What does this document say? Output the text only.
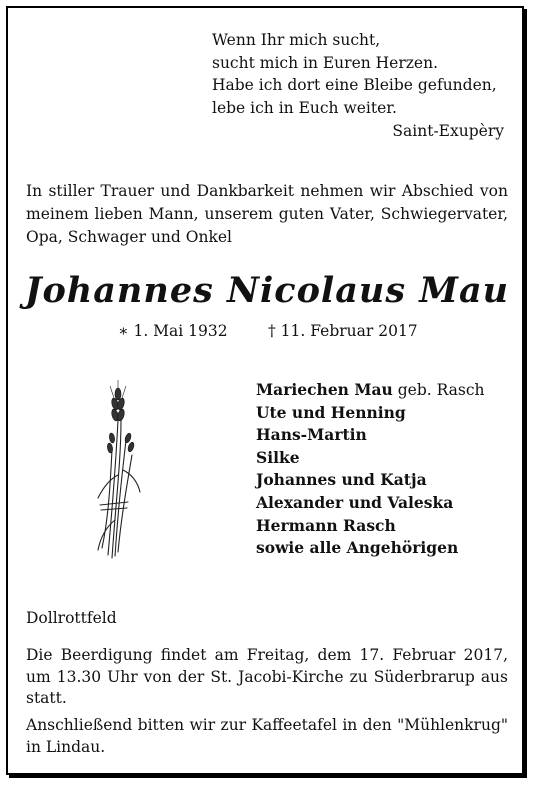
Wenn Ihr mich sucht,
sucht mich in Euren Herzen.
Habe ich dort eine Bleibe gefunden,
lebe ich in Euch weiter.
Saint-Exupèry
In stiller Trauer und Dankbarkeit nehmen wir Abschied von meinem lieben Mann, unserem guten Vater, Schwiegervater, Opa, Schwager und Onkel
Johannes Nicolaus Mau
∗ 1. Mai 1932	† 11. Februar 2017
Mariechen Mau geb. Rasch
Ute und Henning
Hans-Martin
Silke
Johannes und Katja
Alexander und Valeska
Hermann Rasch
sowie alle Angehörigen
Dollrottfeld
Die Beerdigung findet am Freitag, dem 17. Februar 2017, um 13.30 Uhr von der St. Jacobi-Kirche zu Süderbrarup aus statt.
Anschließend bitten wir zur Kaffeetafel in den "Mühlenkrug" in Lindau.
